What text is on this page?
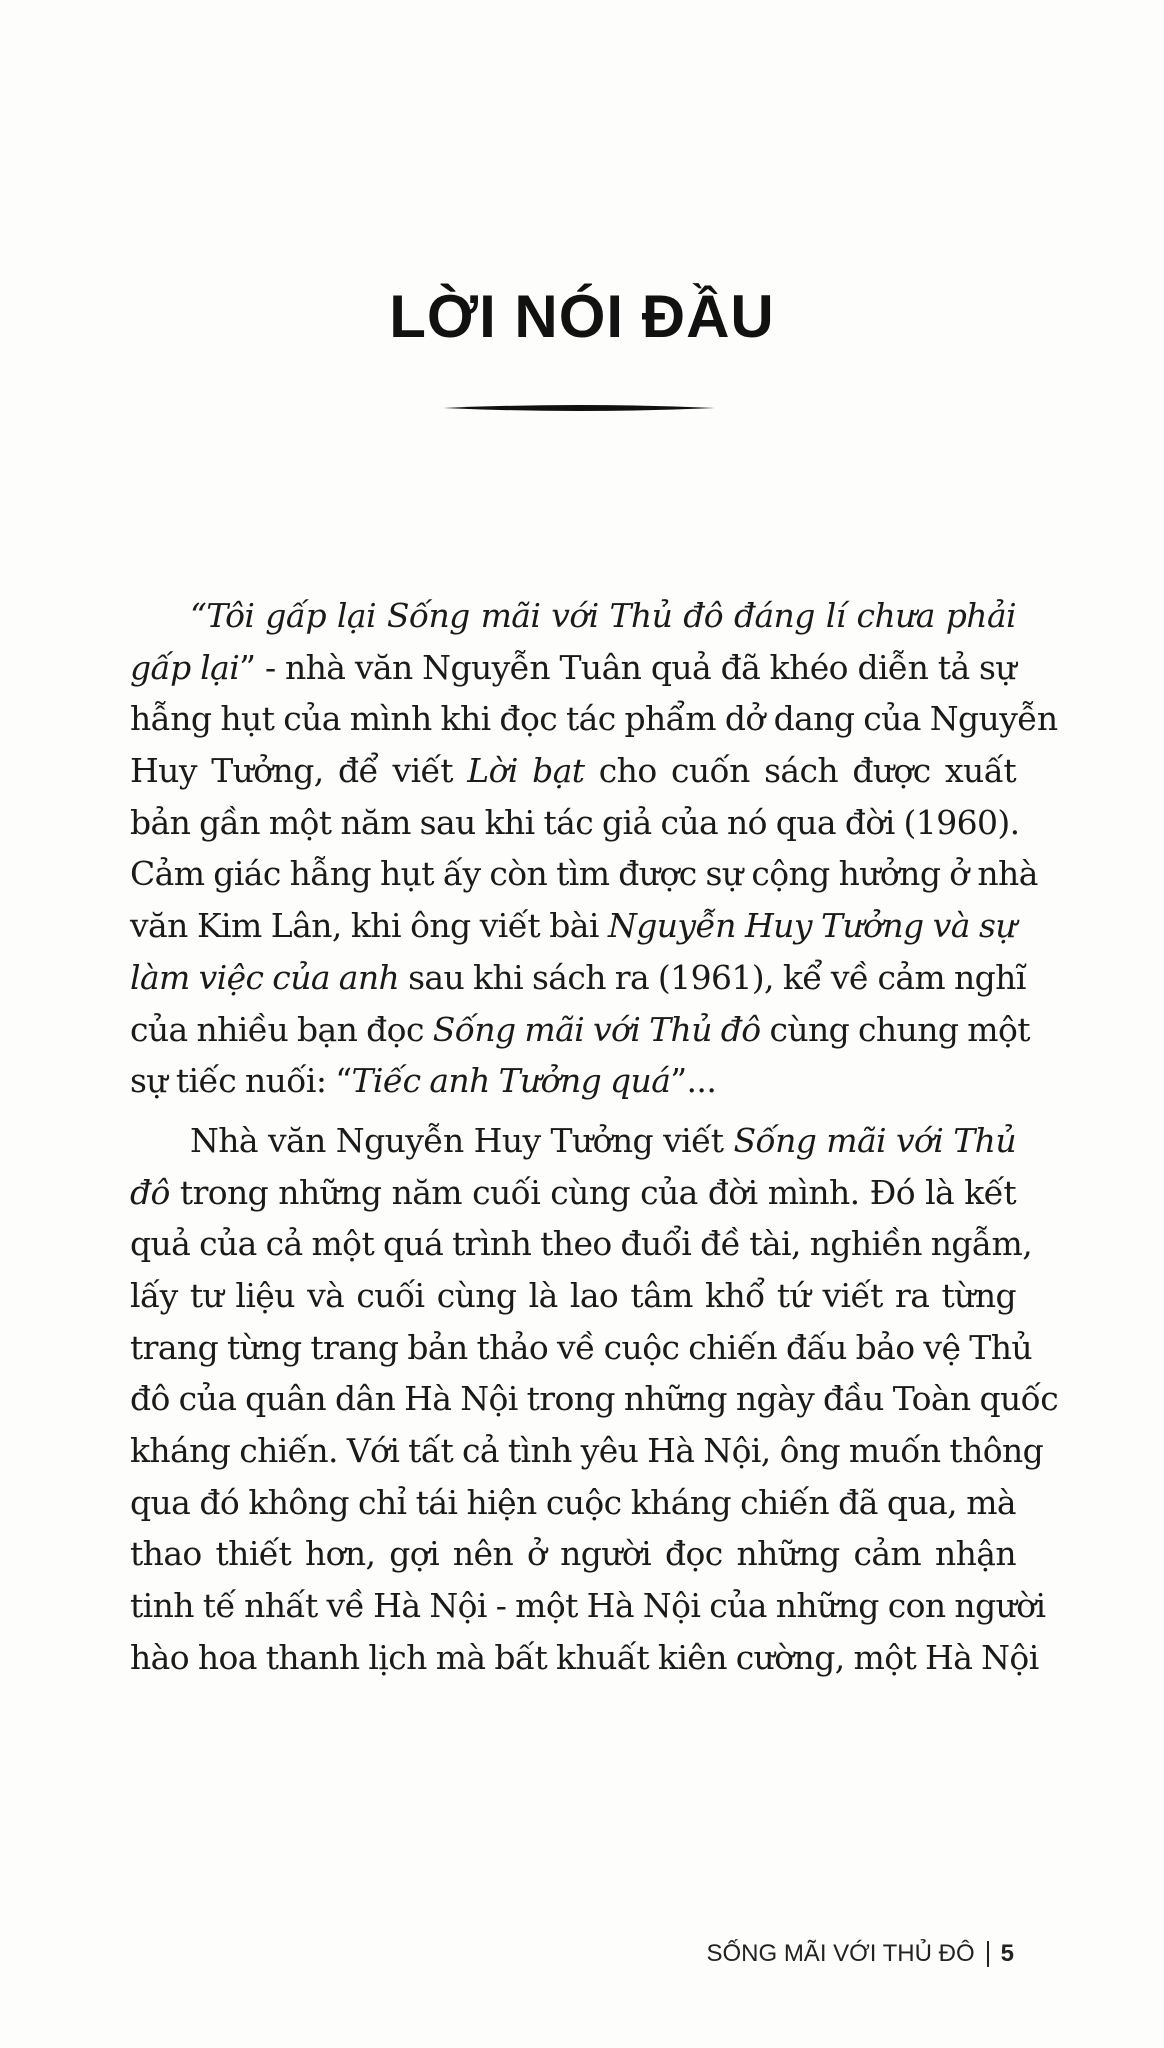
LỜI NÓI ĐẦU
“Tôi gấp lại Sống mãi với Thủ đô đáng lí chưa phải
gấp lại” - nhà văn Nguyễn Tuân quả đã khéo diễn tả sự
hẫng hụt của mình khi đọc tác phẩm dở dang của Nguyễn
Huy Tưởng, để viết Lời bạt cho cuốn sách được xuất
bản gần một năm sau khi tác giả của nó qua đời (1960).
Cảm giác hẫng hụt ấy còn tìm được sự cộng hưởng ở nhà
văn Kim Lân, khi ông viết bài Nguyễn Huy Tưởng và sự
làm việc của anh sau khi sách ra (1961), kể về cảm nghĩ
của nhiều bạn đọc Sống mãi với Thủ đô cùng chung một
sự tiếc nuối: “Tiếc anh Tưởng quá”...
Nhà văn Nguyễn Huy Tưởng viết Sống mãi với Thủ
đô trong những năm cuối cùng của đời mình. Đó là kết
quả của cả một quá trình theo đuổi đề tài, nghiền ngẫm,
lấy tư liệu và cuối cùng là lao tâm khổ tứ viết ra từng
trang từng trang bản thảo về cuộc chiến đấu bảo vệ Thủ
đô của quân dân Hà Nội trong những ngày đầu Toàn quốc
kháng chiến. Với tất cả tình yêu Hà Nội, ông muốn thông
qua đó không chỉ tái hiện cuộc kháng chiến đã qua, mà
thao thiết hơn, gợi nên ở người đọc những cảm nhận
tinh tế nhất về Hà Nội - một Hà Nội của những con người
hào hoa thanh lịch mà bất khuất kiên cường, một Hà Nội
SỐNG MÃI VỚI THỦ ĐÔ 5
